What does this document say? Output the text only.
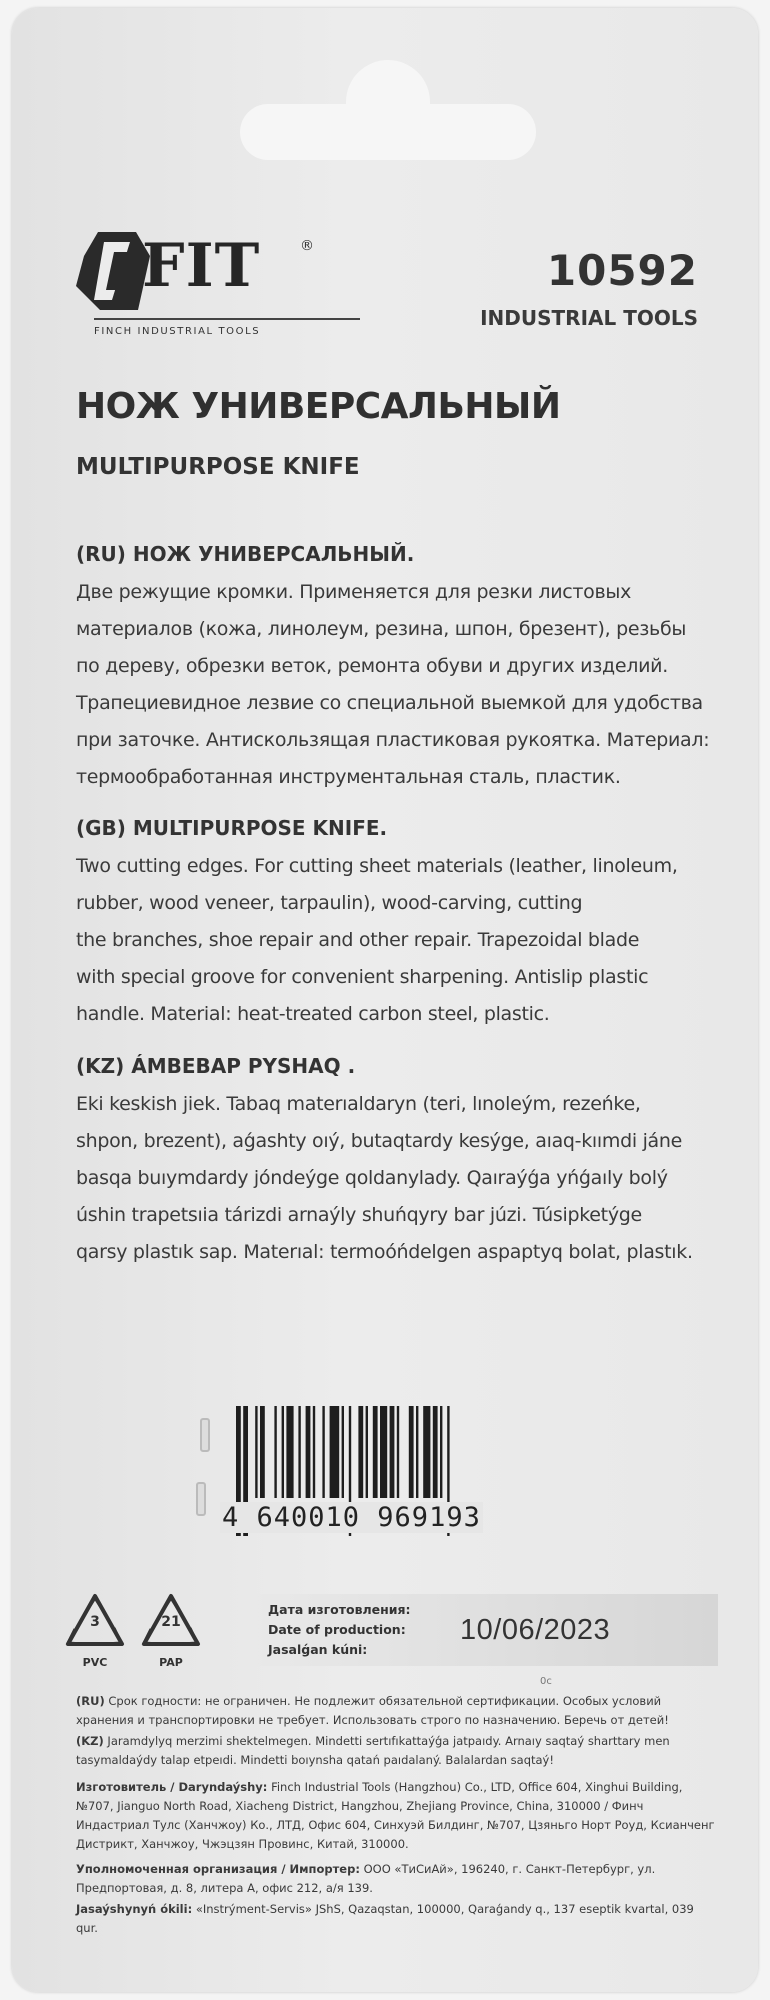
FIT	®
FINCH INDUSTRIAL TOOLS
10592
INDUSTRIAL TOOLS
НОЖ УНИВЕРСАЛЬНЫЙ
MULTIPURPOSE KNIFE
(RU) НОЖ УНИВЕРСАЛЬНЫЙ.
Две режущие кромки. Применяется для резки листовых
материалов (кожа, линолеум, резина, шпон, брезент), резьбы
по дереву, обрезки веток, ремонта обуви и других изделий.
Трапециевидное лезвие со специальной выемкой для удобства
при заточке. Антискользящая пластиковая рукоятка. Материал:
термообработанная инструментальная сталь, пластик.
(GB) MULTIPURPOSE KNIFE.
Two cutting edges. For cutting sheet materials (leather, linoleum,
rubber, wood veneer, tarpaulin), wood-carving, cutting
the branches, shoe repair and other repair. Trapezoidal blade
with special groove for convenient sharpening. Antislip plastic
handle. Material: heat-treated carbon steel, plastic.
(KZ) ÁMBEBAP PYSHAQ .
Eki keskish jiek. Tabaq materıaldaryn (teri, lınoleým, rezeńke,
shpon, brezent), aǵashty oıý, butaqtardy kesýge, aıaq-kıımdi jáne
basqa buıymdardy jóndeýge qoldanylady. Qaıraýǵa yńǵaıly bolý
úshin trapetsıia tárizdi arnaýly shuńqyry bar júzi. Túsipketýge
qarsy plastık sap. Materıal: termoóńdelgen aspaptyq bolat, plastık.
4 640010 969193
3
PVC
21
PAP
Дата изготовления:
Date of production:
Jasalǵan kúni:
10/06/2023
0c

(RU) Срок годности: не ограничен. Не подлежит обязательной сертификации. Особых условий хранения и транспортировки не требует. Использовать строго по назначению. Беречь от детей!

(KZ) Jaramdylyq merzimi shektelmegen. Mindetti sertıfıkattaýǵa jatpaıdy. Arnaıy saqtaý sharttary men tasymaldaýdy talap etpeıdi. Mindetti boıynsha qatań paıdalaný. Balalardan saqtaý!

Изготовитель / Daryndaýshy: Finch Industrial Tools (Hangzhou) Co., LTD, Office 604, Xinghui Building, №707, Jianguo North Road, Xiacheng District, Hangzhou, Zhejiang Province, China, 310000 / Финч Индастриал Тулс (Ханчжоу) Ко., ЛТД, Офис 604, Синхуэй Билдинг, №707, Цзяньго Норт Роуд, Ксианченг Дистрикт, Ханчжоу, Чжэцзян Провинс, Китай, 310000.

Уполномоченная организация / Импортер: ООО «ТиСиАй», 196240, г. Санкт-Петербург, ул. Предпортовая, д. 8, литера А, офис 212, а/я 139.

Jasaýshynyń ókili: «Instrýment-Servis» JShS, Qazaqstan, 100000, Qaraǵandy q., 137 eseptik kvartal, 039 qur.
